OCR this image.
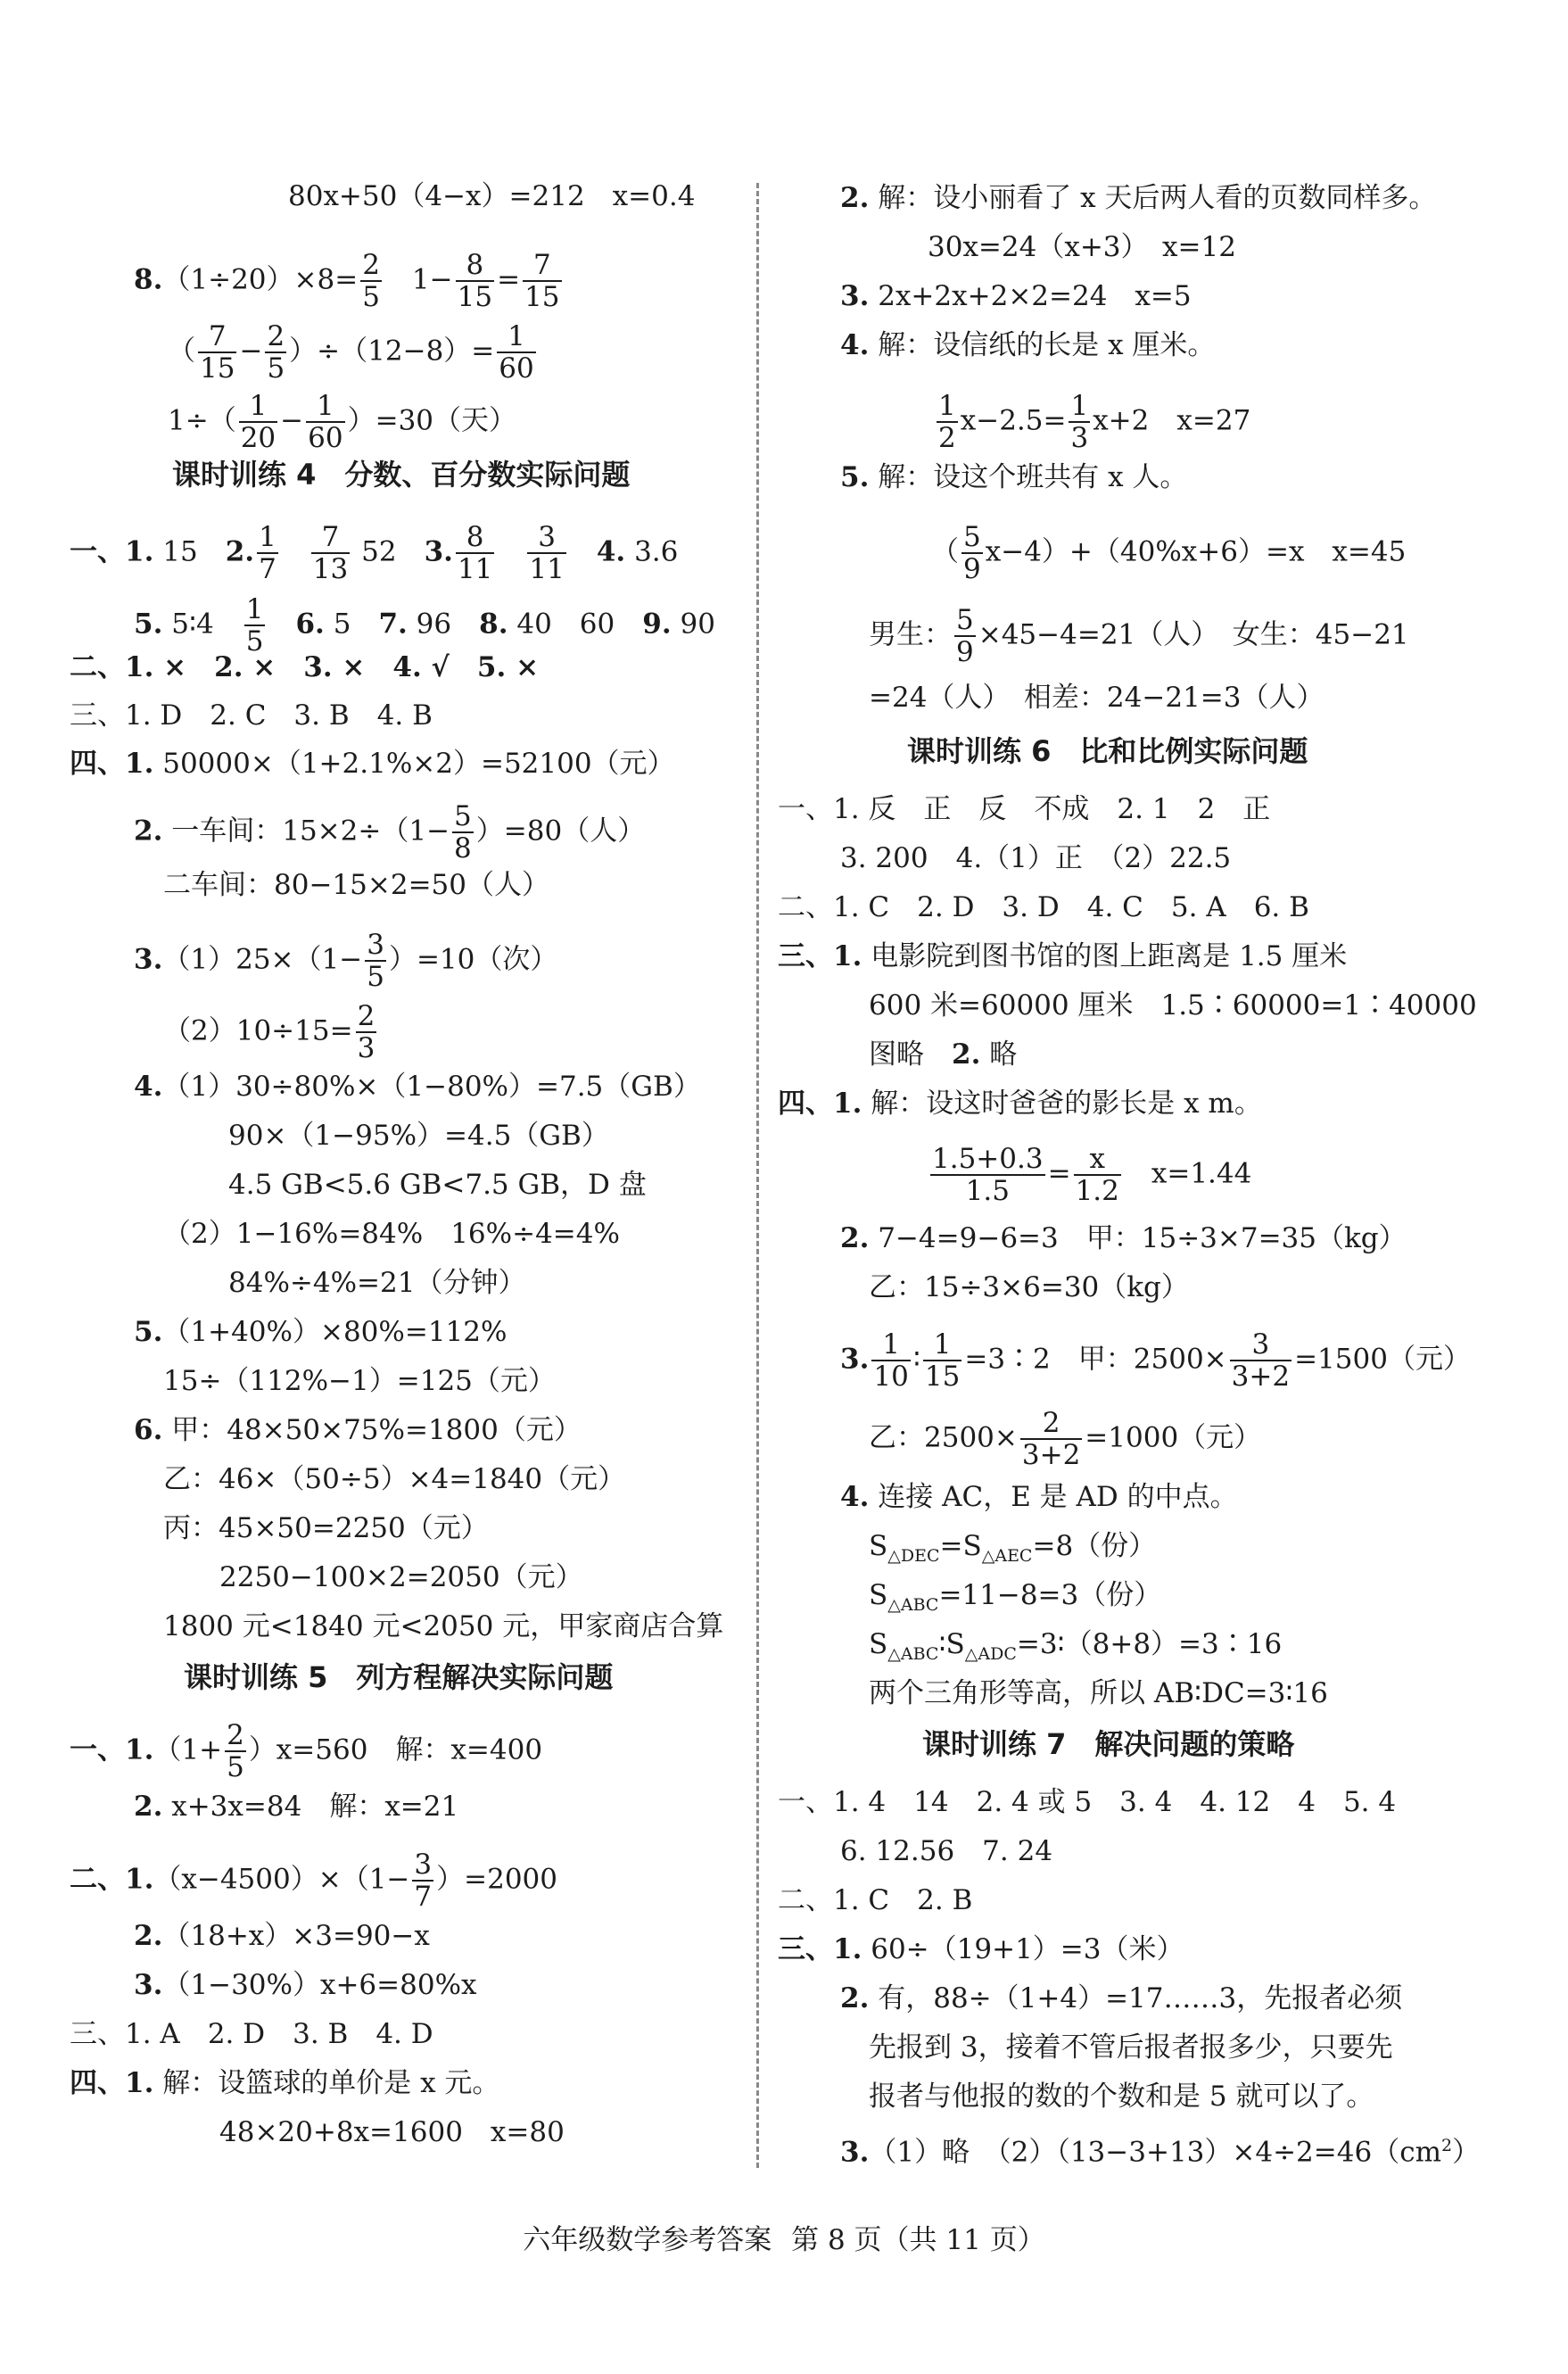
80x+50（4−x）=212　x=0.4
$8.(1\div 20)\times 8= \frac{2}{5}$ 　$1- \frac{8}{15} = \frac{7}{15}$
（ $\frac{7}{15} - \frac{2}{5} )\div(12-8)= \frac{1}{60}$
$1\div( \frac{1}{20} - \frac{1}{60} )=30$（天）
课时训练 4　分数、百分数实际问题
一、1. 15　2. $\frac{1}{7}$
　 $\frac{7}{13} 52$　3. $\frac{8}{11}$
　 $\frac{3}{11}$
　 4. 3.6
5. 5∶4　 $\frac{1}{5}$
　 6. 5　7. 96　8. 40　60　9. 90
二、1. ×　2. ×　3. ×　4. √　5. ×
三、1. D　2. C　3. B　4. B
四、1. 50000×（1+2.1%×2）=52100（元）
2. 一车间：$15\times 2\div(1- \frac{5}{8} )=80$（人）
二车间：80−15×2=50（人）
$3.(1)25\times(1- \frac{3}{5} )=10$（次）
$(2)10\div 15= \frac{2}{3}$
4.（1）30÷80%×（1−80%）=7.5（GB）
90×（1−95%）=4.5（GB）
4.5 GB<5.6 GB<7.5 GB，D 盘
（2）1−16%=84%　16%÷4=4%
84%÷4%=21（分钟）
5.（1+40%）×80%=112%
15÷（112%−1）=125（元）
6. 甲：48×50×75%=1800（元）
乙：46×（50÷5）×4=1840（元）
丙：45×50=2250（元）
2250−100×2=2050（元）
1800 元<1840 元<2050 元，甲家商店合算
课时训练 5　列方程解决实际问题
一、$1.(1+ \frac{2}{5} )x=560$　解：x=400
2. x+3x=84　解：x=21
二、$1.(x-4500)\times(1- \frac{3}{7} )=2000$
2.（18+x）×3=90−x
3.（1−30%）x+6=80%x
三、1. A　2. D　3. B　4. D
四、1. 解：设篮球的单价是 x 元。
48×20+8x=1600　x=80
2. 解：设小丽看了 x 天后两人看的页数同样多。
30x=24（x+3）　x=12
3. 2x+2x+2×2=24　x=5
4. 解：设信纸的长是 x 厘米。
$\frac{1}{2} x-2.5= \frac{1}{3} x+2$　x=27
5. 解：设这个班共有 x 人。
（ $\frac{5}{9} x-4)+(40\%x+6)=x$　x=45
男生： $\frac{5}{9} \times 45-4=21$（人）　女生：45−21
=24（人）　相差：24−21=3（人）
课时训练 6　比和比例实际问题
一、1. 反　正　反　不成　2. 1　2　正
3. 200　4.（1）正　（2）22.5
二、1. C　2. D　3. D　4. C　5. A　6. B
三、1. 电影院到图书馆的图上距离是 1.5 厘米
600 米=60000 厘米　1.5∶60000=1∶40000
图略　2. 略
四、1. 解：设这时爸爸的影长是 x m。
$\frac{1.5+0.3}{1.5} = \frac{x}{1.2}$ 　x=1.44
2. 7−4=9−6=3　甲：15÷3×7=35（kg）
乙：15÷3×6=30（kg）
3. $\frac{1}{10}$ ∶ $\frac{1}{15}$ =3∶2　甲：$2500\times \frac{3}{3+2} =1500$（元）
乙：$2500\times \frac{2}{3+2} =1000$（元）
4. 连接 AC，E 是 AD 的中点。
$S_{\triangle DEC}=S_{\triangle AEC}=8$（份）
$S_{\triangle ABC}=11-8=3$（份）
$S_{\triangle ABC}∶S_{\triangle ADC}=3∶(8+8)=3∶16$
两个三角形等高，所以 AB∶DC=3∶16
课时训练 7　解决问题的策略
一、1. 4　14　2. 4 或 5　3. 4　4. 12　4　5. 4
6. 12.56　7. 24
二、1. C　2. B
三、1. 60÷（19+1）=3（米）
2. 有，88÷（1+4）=17……3，先报者必须
先报到 3，接着不管后报者报多少，只要先
报者与他报的数的个数和是 5 就可以了。
3.（1）略　$(2)(13-3+13)\times 4\div 2=46(cm^2)$
六年级数学参考答案 第 8 页（共 11 页）
